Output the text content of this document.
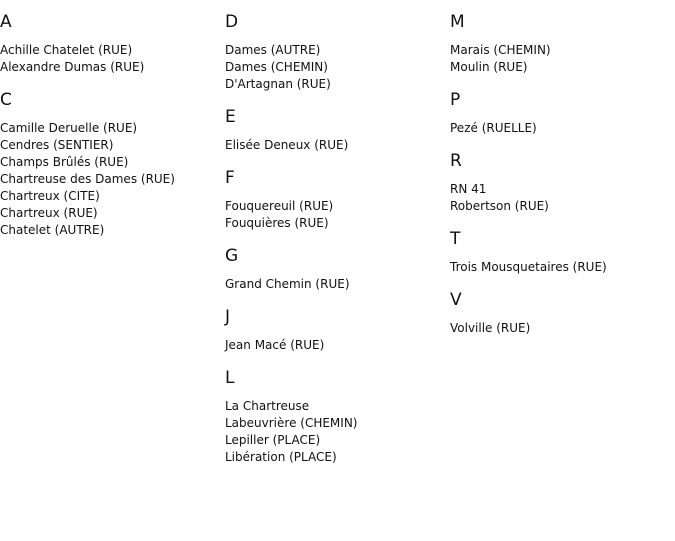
A
Achille Chatelet (RUE)
Alexandre Dumas (RUE)
C
Camille Deruelle (RUE)
Cendres (SENTIER)
Champs Brûlés (RUE)
Chartreuse des Dames (RUE)
Chartreux (CITE)
Chartreux (RUE)
Chatelet (AUTRE)
D
Dames (AUTRE)
Dames (CHEMIN)
D'Artagnan (RUE)
E
Elisée Deneux (RUE)
F
Fouquereuil (RUE)
Fouquières (RUE)
G
Grand Chemin (RUE)
J
Jean Macé (RUE)
L
La Chartreuse
Labeuvrière (CHEMIN)
Lepiller (PLACE)
Libération (PLACE)
M
Marais (CHEMIN)
Moulin (RUE)
P
Pezé (RUELLE)
R
RN 41
Robertson (RUE)
T
Trois Mousquetaires (RUE)
V
Volville (RUE)
